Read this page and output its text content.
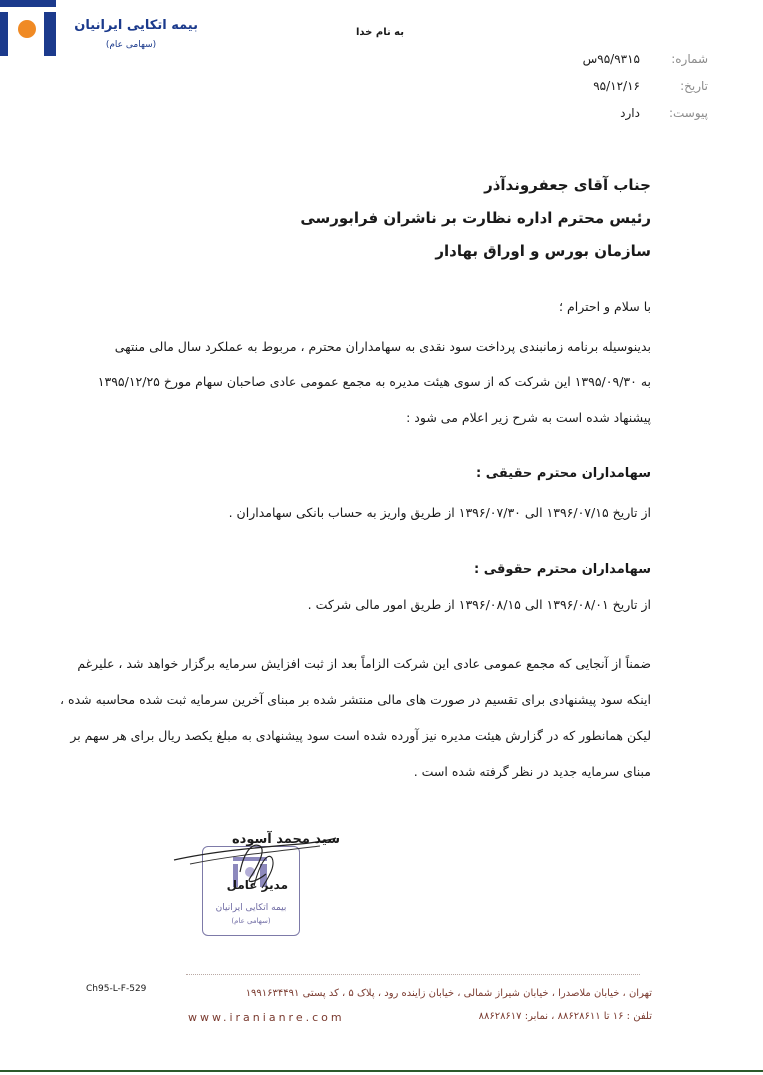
به نام خدا
بیمه اتکایی ایرانیان
(سهامی عام)
شماره:
۹۵/۹۳۱۵س
تاریخ:
۹۵/۱۲/۱۶
پیوست:
دارد
جناب آقای جعفروندآذر
رئیس محترم اداره نظارت بر ناشران فرابورسی
سازمان بورس و اوراق بهادار
با سلام و احترام ؛
بدینوسیله برنامه زمانبندی پرداخت سود نقدی به سهامداران محترم ، مربوط به عملکرد سال مالی منتهی
به ۱۳۹۵/۰۹/۳۰ این شرکت که از سوی هیئت مدیره به مجمع عمومی عادی صاحبان سهام مورخ ۱۳۹۵/۱۲/۲۵
پیشنهاد شده است به شرح زیر اعلام می شود :
سهامداران محترم حقیقی :
از تاریخ ۱۳۹۶/۰۷/۱۵ الی ۱۳۹۶/۰۷/۳۰ از طریق واریز به حساب بانکی سهامداران .
سهامداران محترم حقوقی :
از تاریخ ۱۳۹۶/۰۸/۰۱ الی ۱۳۹۶/۰۸/۱۵ از طریق امور مالی شرکت .
ضمناً از آنجایی که مجمع عمومی عادی این شرکت الزاماً بعد از ثبت افزایش سرمایه برگزار خواهد شد ، علیرغم
اینکه سود پیشنهادی برای تقسیم در صورت های مالی منتشر شده بر مبنای آخرین سرمایه ثبت شده محاسبه شده ،
لیکن همانطور که در گزارش هیئت مدیره نیز آورده شده است سود پیشنهادی به مبلغ یکصد ریال برای هر سهم بر
مبنای سرمایه جدید در نظر گرفته شده است .
بیمه اتکایی ایرانیان
(سهامی عام)
سید محمد آسوده
مدیر عامل
Ch95-L-F-529	تهران ، خیابان ملاصدرا ، خیابان شیراز شمالی ، خیابان زاینده رود ، پلاک ۵ ، کد پستی ۱۹۹۱۶۳۴۴۹۱
www.iranianre.com	تلفن : ۱۶ تا ۸۸۶۲۸۶۱۱ ، نمابر: ۸۸۶۲۸۶۱۷
